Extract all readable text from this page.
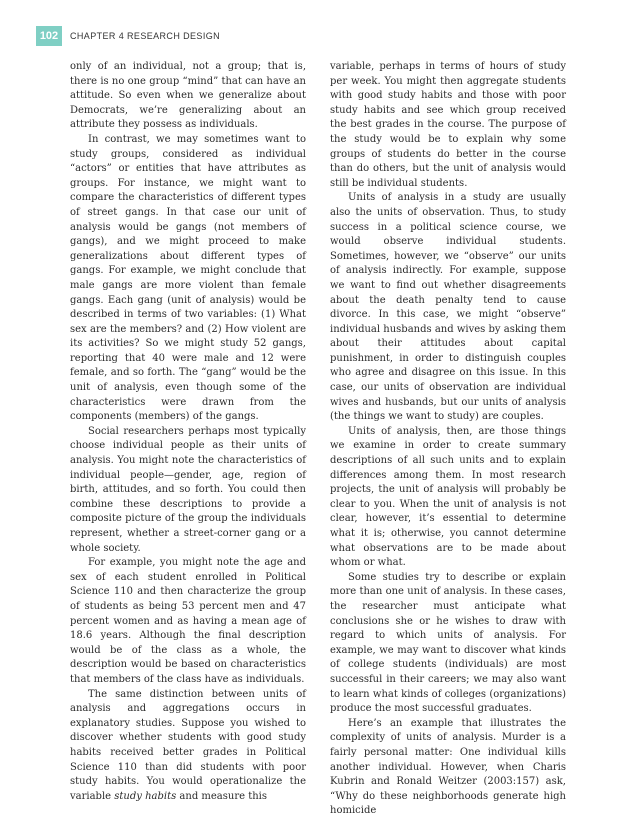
102	CHAPTER 4 RESEARCH DESIGN

only of an individual, not a group; that is, there is no one group “mind” that can have an attitude. So even when we generalize about Democrats, we’re generalizing about an attribute they possess as individuals.

In contrast, we may sometimes want to study groups, considered as individual “actors” or entities that have attributes as groups. For instance, we might want to compare the characteristics of different types of street gangs. In that case our unit of analysis would be gangs (not members of gangs), and we might proceed to make generalizations about different types of gangs. For example, we might conclude that male gangs are more violent than female gangs. Each gang (unit of analysis) would be described in terms of two variables: (1) What sex are the members? and (2) How violent are its activities? So we might study 52 gangs, reporting that 40 were male and 12 were female, and so forth. The “gang” would be the unit of analysis, even though some of the characteristics were drawn from the components (members) of the gangs.

Social researchers perhaps most typically choose individual people as their units of analysis. You might note the characteristics of individual people—gender, age, region of birth, attitudes, and so forth. You could then combine these descriptions to provide a composite picture of the group the individuals represent, whether a street-corner gang or a whole society.

For example, you might note the age and sex of each student enrolled in Political Science 110 and then characterize the group of students as being 53 percent men and 47 percent women and as having a mean age of 18.6 years. Although the final description would be of the class as a whole, the description would be based on characteristics that members of the class have as individuals.

The same distinction between units of analysis and aggregations occurs in explanatory studies. Suppose you wished to discover whether students with good study habits received better grades in Political Science 110 than did students with poor study habits. You would operationalize the variable study habits and measure this

variable, perhaps in terms of hours of study per week. You might then aggregate students with good study habits and those with poor study habits and see which group received the best grades in the course. The purpose of the study would be to explain why some groups of students do better in the course than do others, but the unit of analysis would still be individual students.

Units of analysis in a study are usually also the units of observation. Thus, to study success in a political science course, we would observe individual students. Sometimes, however, we “observe” our units of analysis indirectly. For example, suppose we want to find out whether disagreements about the death penalty tend to cause divorce. In this case, we might “observe” individual husbands and wives by asking them about their attitudes about capital punishment, in order to distinguish couples who agree and disagree on this issue. In this case, our units of observation are individual wives and husbands, but our units of analysis (the things we want to study) are couples.

Units of analysis, then, are those things we examine in order to create summary descriptions of all such units and to explain differences among them. In most research projects, the unit of analysis will probably be clear to you. When the unit of analysis is not clear, however, it’s essential to determine what it is; otherwise, you cannot determine what observations are to be made about whom or what.

Some studies try to describe or explain more than one unit of analysis. In these cases, the researcher must anticipate what conclusions she or he wishes to draw with regard to which units of analysis. For example, we may want to discover what kinds of college students (individuals) are most successful in their careers; we may also want to learn what kinds of colleges (organizations) produce the most successful graduates.

Here’s an example that illustrates the complexity of units of analysis. Murder is a fairly personal matter: One individual kills another individual. However, when Charis Kubrin and Ronald Weitzer (2003:157) ask, “Why do these neighborhoods generate high homicide
